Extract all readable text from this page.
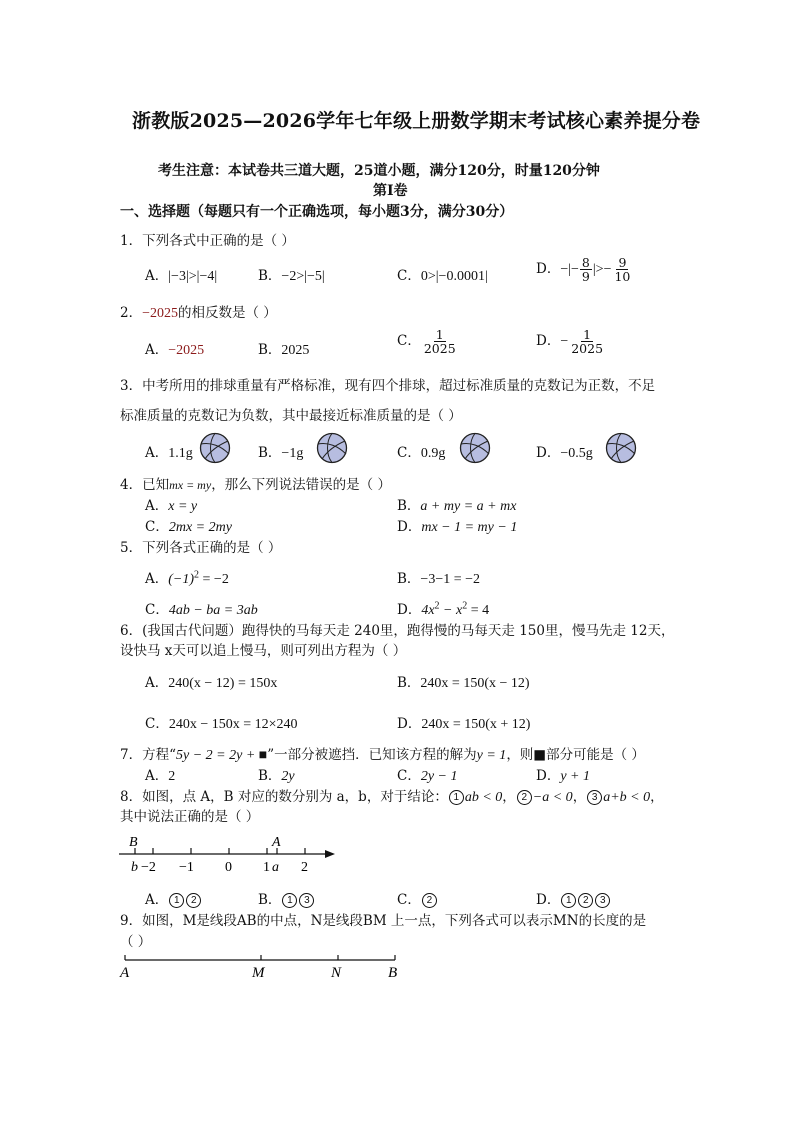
浙教版2025—2026学年七年级上册数学期末考试核心素养提分卷
考生注意：本试卷共三道大题，25道小题，满分120分，时量120分钟
第Ⅰ卷
一、选择题（每题只有一个正确选项，每小题3分，满分30分）
1．下列各式中正确的是（ ）
A．|−3|>|−4|	B．−2>|−5|	C．0>|−0.0001|	D．−|− $\frac{8}{9}$ |>− $\frac{9}{10}$
2．−2025的相反数是（ ）
A．−2025	B．2025
C． $\frac{1}{2025}$	D．− $\frac{1}{2025}$
3．中考所用的排球重量有严格标准，现有四个排球，超过标准质量的克数记为正数，不足
标准质量的克数记为负数，其中最接近标准质量的是（ ）
A．1.1g	B．−1g	C．0.9g	D．−0.5g
4．已知mx = my，那么下列说法错误的是（ ）
A．x = y	B．a + my = a + mx
C．2mx = 2my	D．mx − 1 = my − 1
5．下列各式正确的是（ ）
A．$(-1)^2 = -2$	B．−3−1 = −2
C．4ab − ba = 3ab	D．$4x^2 - x^2 = 4$
6．(我国古代问题）跑得快的马每天走 240里，跑得慢的马每天走 150里，慢马先走 12天，
设快马 x天可以追上慢马，则可列出方程为（ ）
A．240(x − 12) = 150x	B．240x = 150(x − 12)
C．240x − 150x = 12×240	D．240x = 150(x + 12)
7．方程“5y − 2 = 2y + ■”一部分被遮挡．已知该方程的解为y = 1，则■部分可能是（ ）
A．2	B．2y	C．2y − 1	D．y + 1
8．如图，点 A，B 对应的数分别为 a，b，对于结论： 1 ab < 0， 2 −a < 0， 3 a+b < 0，
其中说法正确的是（ ）
B	A
b −2 −1 0 1 a 2
A． 1 2	B． 1 3	C． 2	D． 1 2 3
9．如图，M是线段AB的中点，N是线段BM 上一点，下列各式可以表示MN的长度的是
（ ）
A	M	N	B
